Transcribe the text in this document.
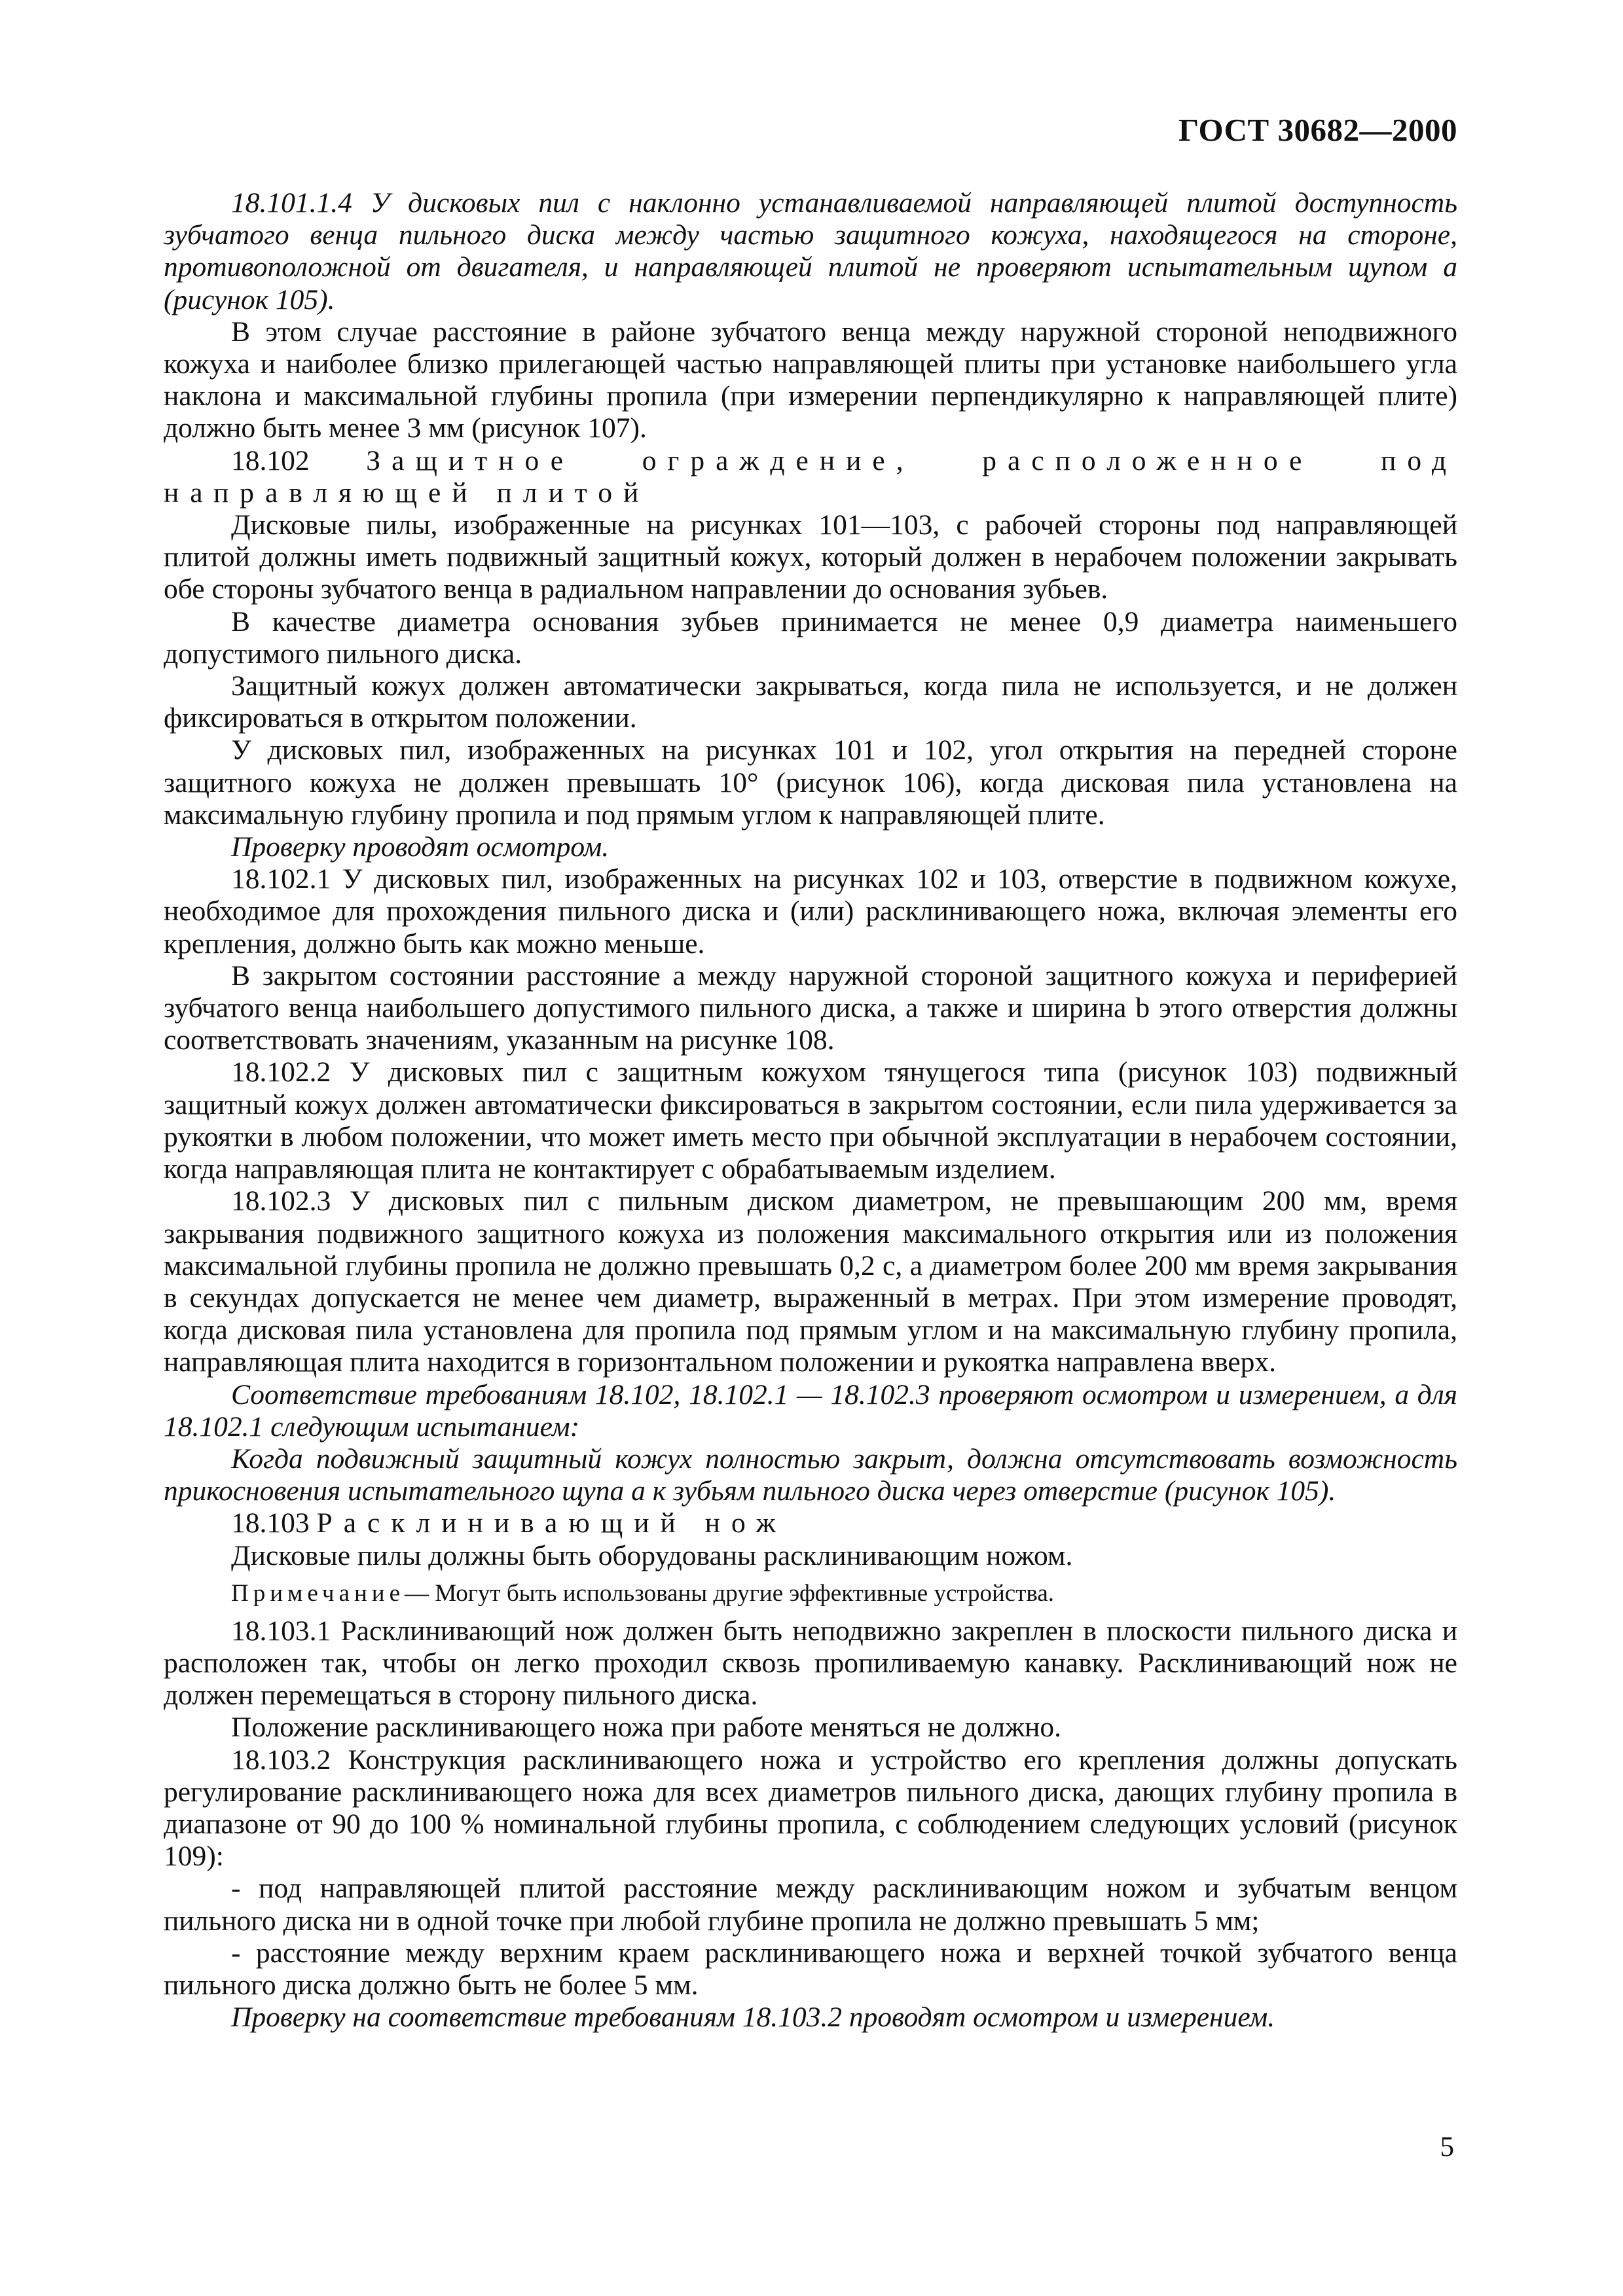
ГОСТ 30682—2000

18.101.1.4 У дисковых пил с наклонно устанавливаемой направляющей плитой доступность зубчатого венца пильного диска между частью защитного кожуха, находящегося на стороне, противоположной от двигателя, и направляющей плитой не проверяют испытательным щупом а (рисунок 105).

В этом случае расстояние в районе зубчатого венца между наружной стороной неподвижного кожуха и наиболее близко прилегающей частью направляющей плиты при установке наибольшего угла наклона и максимальной глубины пропила (при измерении перпендикулярно к направляющей плите) должно быть менее 3 мм (рисунок 107).

18.102 Защитное ограждение, расположенное под направляющей плитой

Дисковые пилы, изображенные на рисунках 101—103, с рабочей стороны под направляющей плитой должны иметь подвижный защитный кожух, который должен в нерабочем положении закрывать обе стороны зубчатого венца в радиальном направлении до основания зубьев.

В качестве диаметра основания зубьев принимается не менее 0,9 диаметра наименьшего допустимого пильного диска.

Защитный кожух должен автоматически закрываться, когда пила не используется, и не должен фиксироваться в открытом положении.

У дисковых пил, изображенных на рисунках 101 и 102, угол открытия на передней стороне защитного кожуха не должен превышать 10° (рисунок 106), когда дисковая пила установлена на максимальную глубину пропила и под прямым углом к направляющей плите.

Проверку проводят осмотром.

18.102.1 У дисковых пил, изображенных на рисунках 102 и 103, отверстие в подвижном кожухе, необходимое для прохождения пильного диска и (или) расклинивающего ножа, включая элементы его крепления, должно быть как можно меньше.

В закрытом состоянии расстояние a между наружной стороной защитного кожуха и периферией зубчатого венца наибольшего допустимого пильного диска, а также и ширина b этого отверстия должны соответствовать значениям, указанным на рисунке 108.

18.102.2 У дисковых пил с защитным кожухом тянущегося типа (рисунок 103) подвижный защитный кожух должен автоматически фиксироваться в закрытом состоянии, если пила удерживается за рукоятки в любом положении, что может иметь место при обычной эксплуатации в нерабочем состоянии, когда направляющая плита не контактирует с обрабатываемым изделием.

18.102.3 У дисковых пил с пильным диском диаметром, не превышающим 200 мм, время закрывания подвижного защитного кожуха из положения максимального открытия или из положения максимальной глубины пропила не должно превышать 0,2 с, а диаметром более 200 мм время закрывания в секундах допускается не менее чем диаметр, выраженный в метрах. При этом измерение проводят, когда дисковая пила установлена для пропила под прямым углом и на максимальную глубину пропила, направляющая плита находится в горизонтальном положении и рукоятка направлена вверх.

Соответствие требованиям 18.102, 18.102.1 — 18.102.3 проверяют осмотром и измерением, а для 18.102.1 следующим испытанием:

Когда подвижный защитный кожух полностью закрыт, должна отсутствовать возможность прикосновения испытательного щупа а к зубьям пильного диска через отверстие (рисунок 105).

18.103 Расклинивающий нож

Дисковые пилы должны быть оборудованы расклинивающим ножом.

Примечание— Могут быть использованы другие эффективные устройства.

18.103.1 Расклинивающий нож должен быть неподвижно закреплен в плоскости пильного диска и расположен так, чтобы он легко проходил сквозь пропиливаемую канавку. Расклинивающий нож не должен перемещаться в сторону пильного диска.

Положение расклинивающего ножа при работе меняться не должно.

18.103.2 Конструкция расклинивающего ножа и устройство его крепления должны допускать регулирование расклинивающего ножа для всех диаметров пильного диска, дающих глубину пропила в диапазоне от 90 до 100 % номинальной глубины пропила, с соблюдением следующих условий (рисунок 109):

- под направляющей плитой расстояние между расклинивающим ножом и зубчатым венцом пильного диска ни в одной точке при любой глубине пропила не должно превышать 5 мм;

- расстояние между верхним краем расклинивающего ножа и верхней точкой зубчатого венца пильного диска должно быть не более 5 мм.

Проверку на соответствие требованиям 18.103.2 проводят осмотром и измерением.

5
